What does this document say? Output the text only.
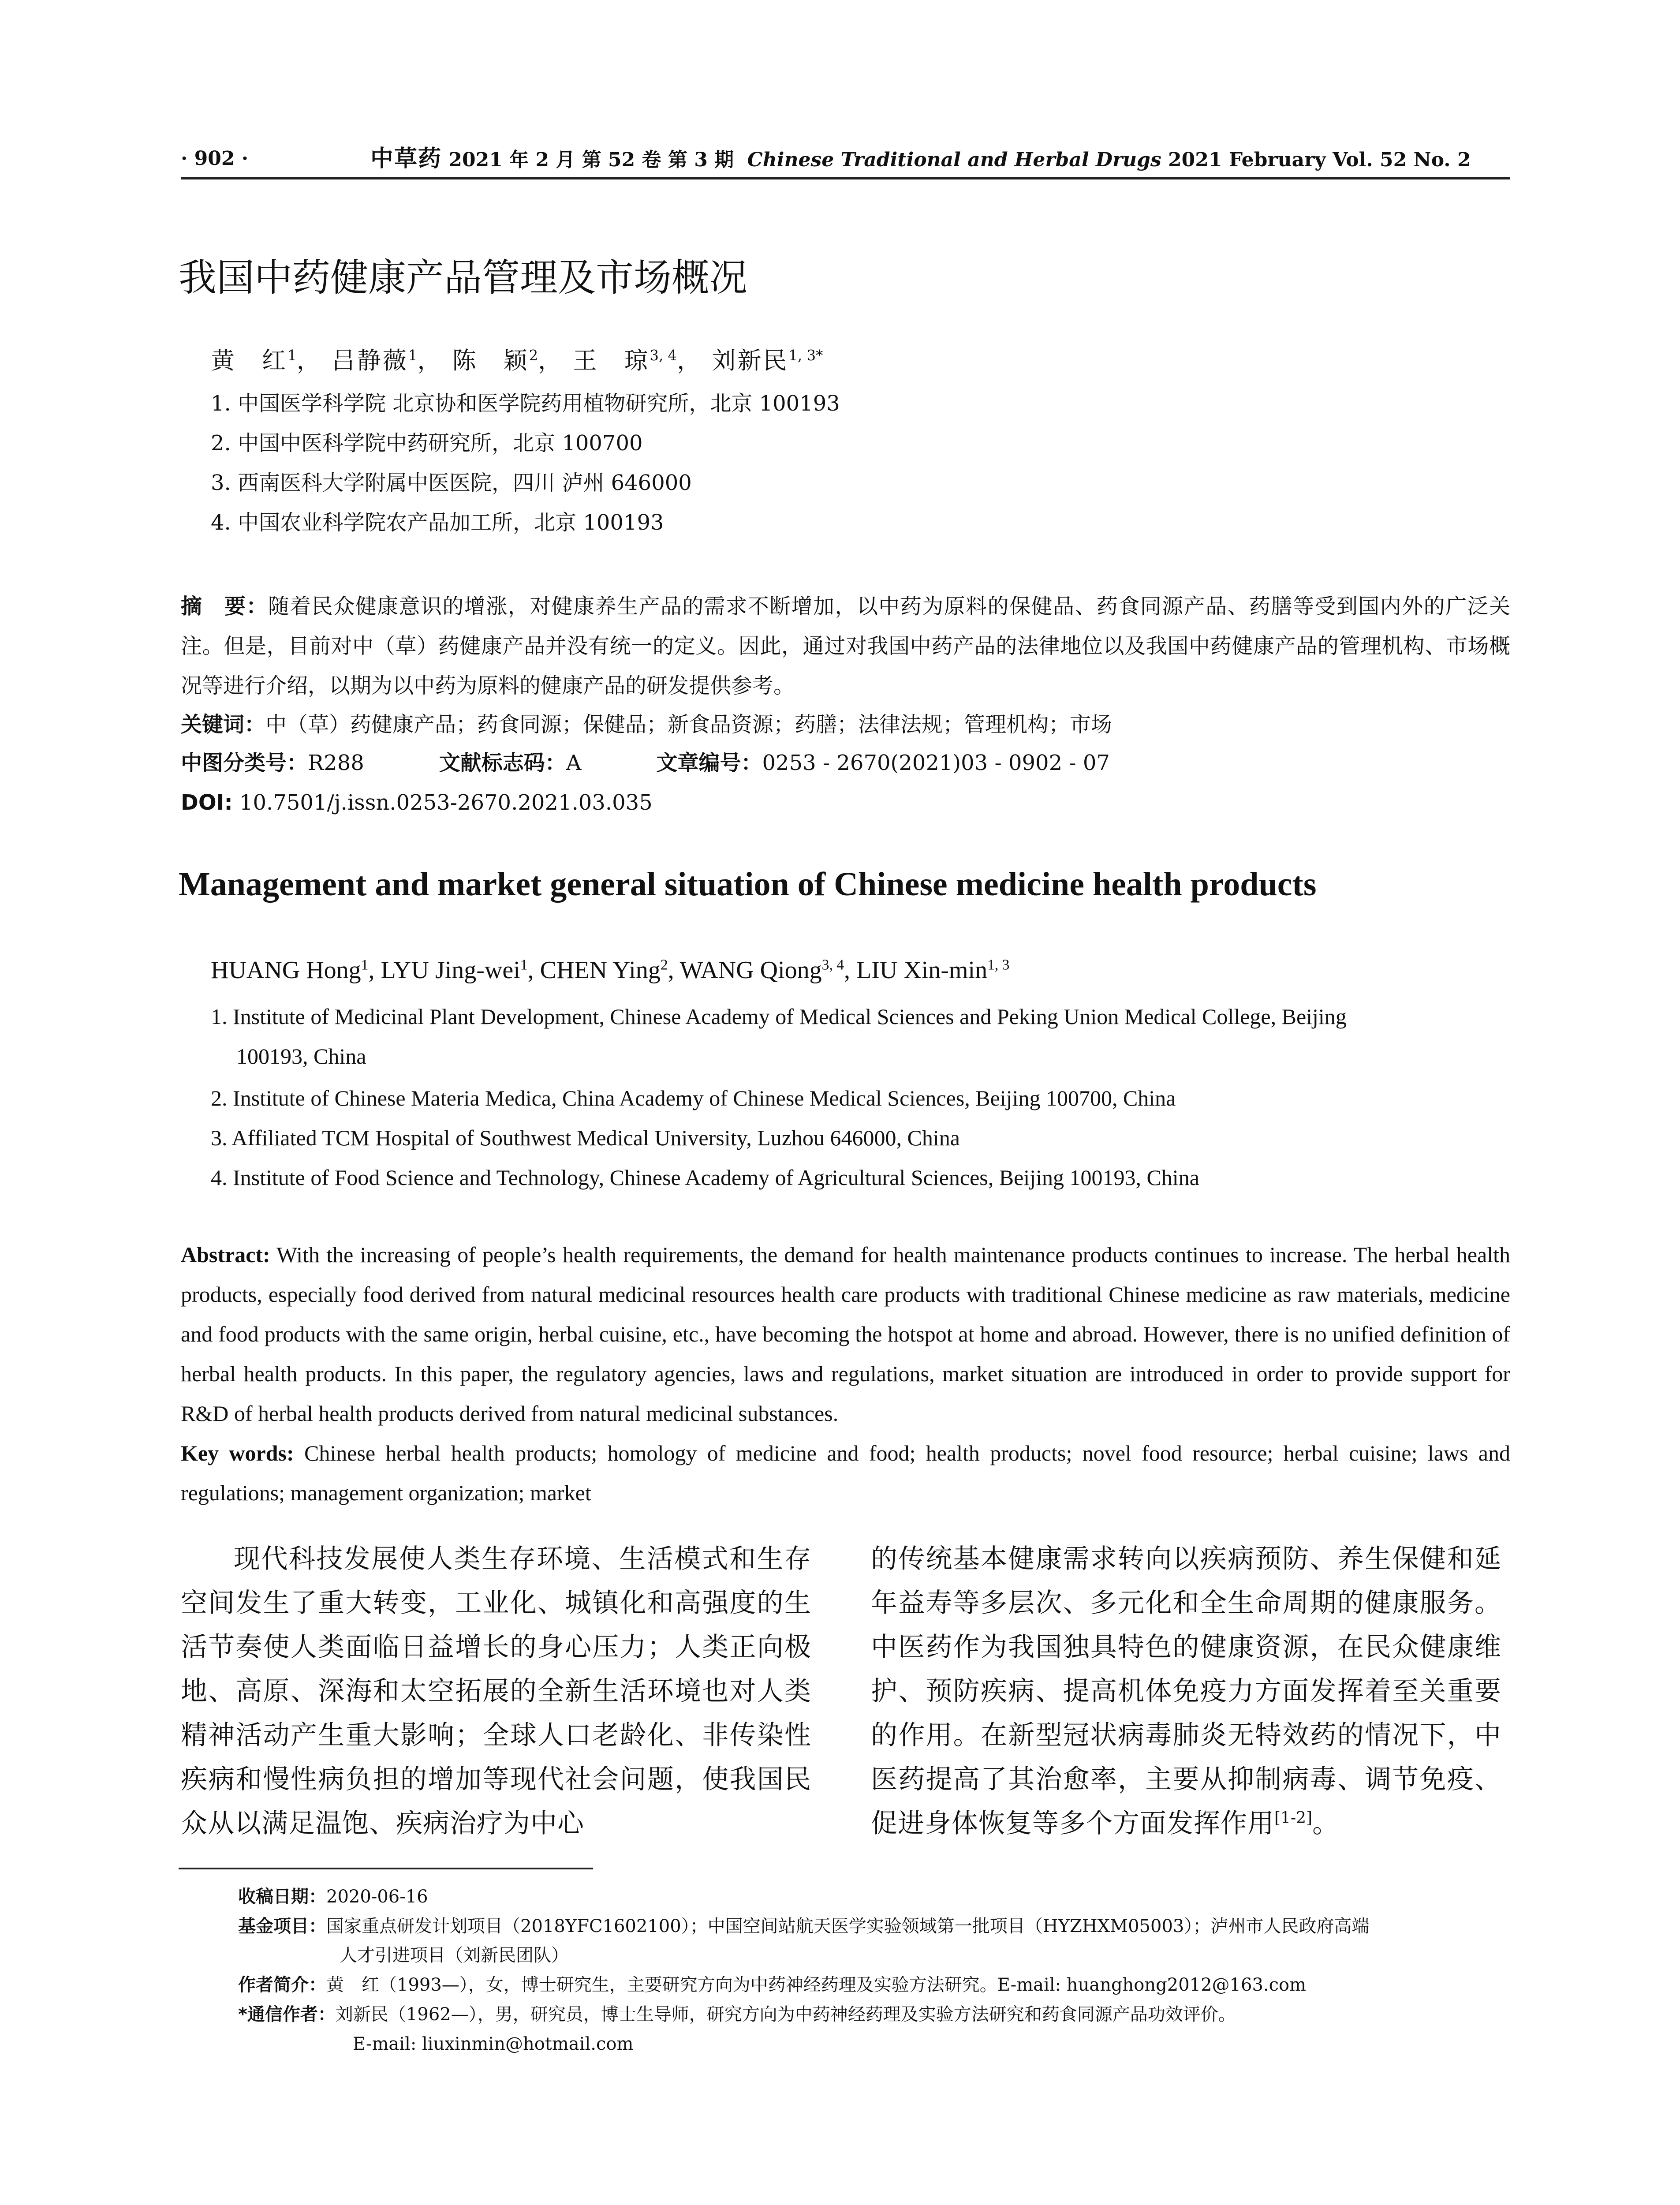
· 902 ·	中草药 2021 年 2 月 第 52 卷 第 3 期 Chinese Traditional and Herbal Drugs 2021 February Vol. 52 No. 2
我国中药健康产品管理及市场概况
黄　红$^1$， 吕静薇$^1$， 陈　颖$^2$， 王　琼$^{3, 4}$， 刘新民$^{1, 3*}$
1. 中国医学科学院 北京协和医学院药用植物研究所，北京 100193
2. 中国中医科学院中药研究所，北京 100700
3. 西南医科大学附属中医医院，四川 泸州 646000
4. 中国农业科学院农产品加工所，北京 100193
摘　要：随着民众健康意识的增涨，对健康养生产品的需求不断增加，以中药为原料的保健品、药食同源产品、药膳等受到国内外的广泛关注。但是，目前对中（草）药健康产品并没有统一的定义。因此，通过对我国中药产品的法律地位以及我国中药健康产品的管理机构、市场概况等进行介绍，以期为以中药为原料的健康产品的研发提供参考。
关键词：中（草）药健康产品；药食同源；保健品；新食品资源；药膳；法律法规；管理机构；市场
中图分类号：R288	文献标志码：A	文章编号：0253 - 2670(2021)03 - 0902 - 07
DOI: 10.7501/j.issn.0253-2670.2021.03.035
Management and market general situation of Chinese medicine health products
HUANG Hong$^1$, LYU Jing-wei$^1$, CHEN Ying$^2$, WANG Qiong$^{3, 4}$, LIU Xin-$\min^{1, 3}$
1. Institute of Medicinal Plant Development, Chinese Academy of Medical Sciences and Peking Union Medical College, Beijing
100193, China
2. Institute of Chinese Materia Medica, China Academy of Chinese Medical Sciences, Beijing 100700, China
3. Affiliated TCM Hospital of Southwest Medical University, Luzhou 646000, China
4. Institute of Food Science and Technology, Chinese Academy of Agricultural Sciences, Beijing 100193, China
Abstract: With the increasing of people’s health requirements, the demand for health maintenance products continues to increase. The herbal health products, especially food derived from natural medicinal resources health care products with traditional Chinese medicine as raw materials, medicine and food products with the same origin, herbal cuisine, etc., have becoming the hotspot at home and abroad. However, there is no unified definition of herbal health products. In this paper, the regulatory agencies, laws and regulations, market situation are introduced in order to provide support for R&D of herbal health products derived from natural medicinal substances.
Key words: Chinese herbal health products; homology of medicine and food; health products; novel food resource; herbal cuisine; laws and regulations; management organization; market
现代科技发展使人类生存环境、生活模式和生存空间发生了重大转变，工业化、城镇化和高强度的生活节奏使人类面临日益增长的身心压力；人类正向极地、高原、深海和太空拓展的全新生活环境也对人类精神活动产生重大影响；全球人口老龄化、非传染性疾病和慢性病负担的增加等现代社会问题，使我国民众从以满足温饱、疾病治疗为中心
的传统基本健康需求转向以疾病预防、养生保健和延年益寿等多层次、多元化和全生命周期的健康服务。中医药作为我国独具特色的健康资源，在民众健康维护、预防疾病、提高机体免疫力方面发挥着至关重要的作用。在新型冠状病毒肺炎无特效药的情况下，中医药提高了其治愈率，主要从抑制病毒、调节免疫、促进身体恢复等多个方面发挥作用[1-2]。
收稿日期：2020-06-16
基金项目：国家重点研发计划项目（2018YFC1602100）；中国空间站航天医学实验领域第一批项目（HYZHXM05003）；泸州市人民政府高端
人才引进项目（刘新民团队）
作者简介：黄　红（1993—），女，博士研究生，主要研究方向为中药神经药理及实验方法研究。E-mail: huanghong2012@163.com
*通信作者：刘新民（1962—），男，研究员，博士生导师，研究方向为中药神经药理及实验方法研究和药食同源产品功效评价。
E-mail: liuxinmin@hotmail.com
